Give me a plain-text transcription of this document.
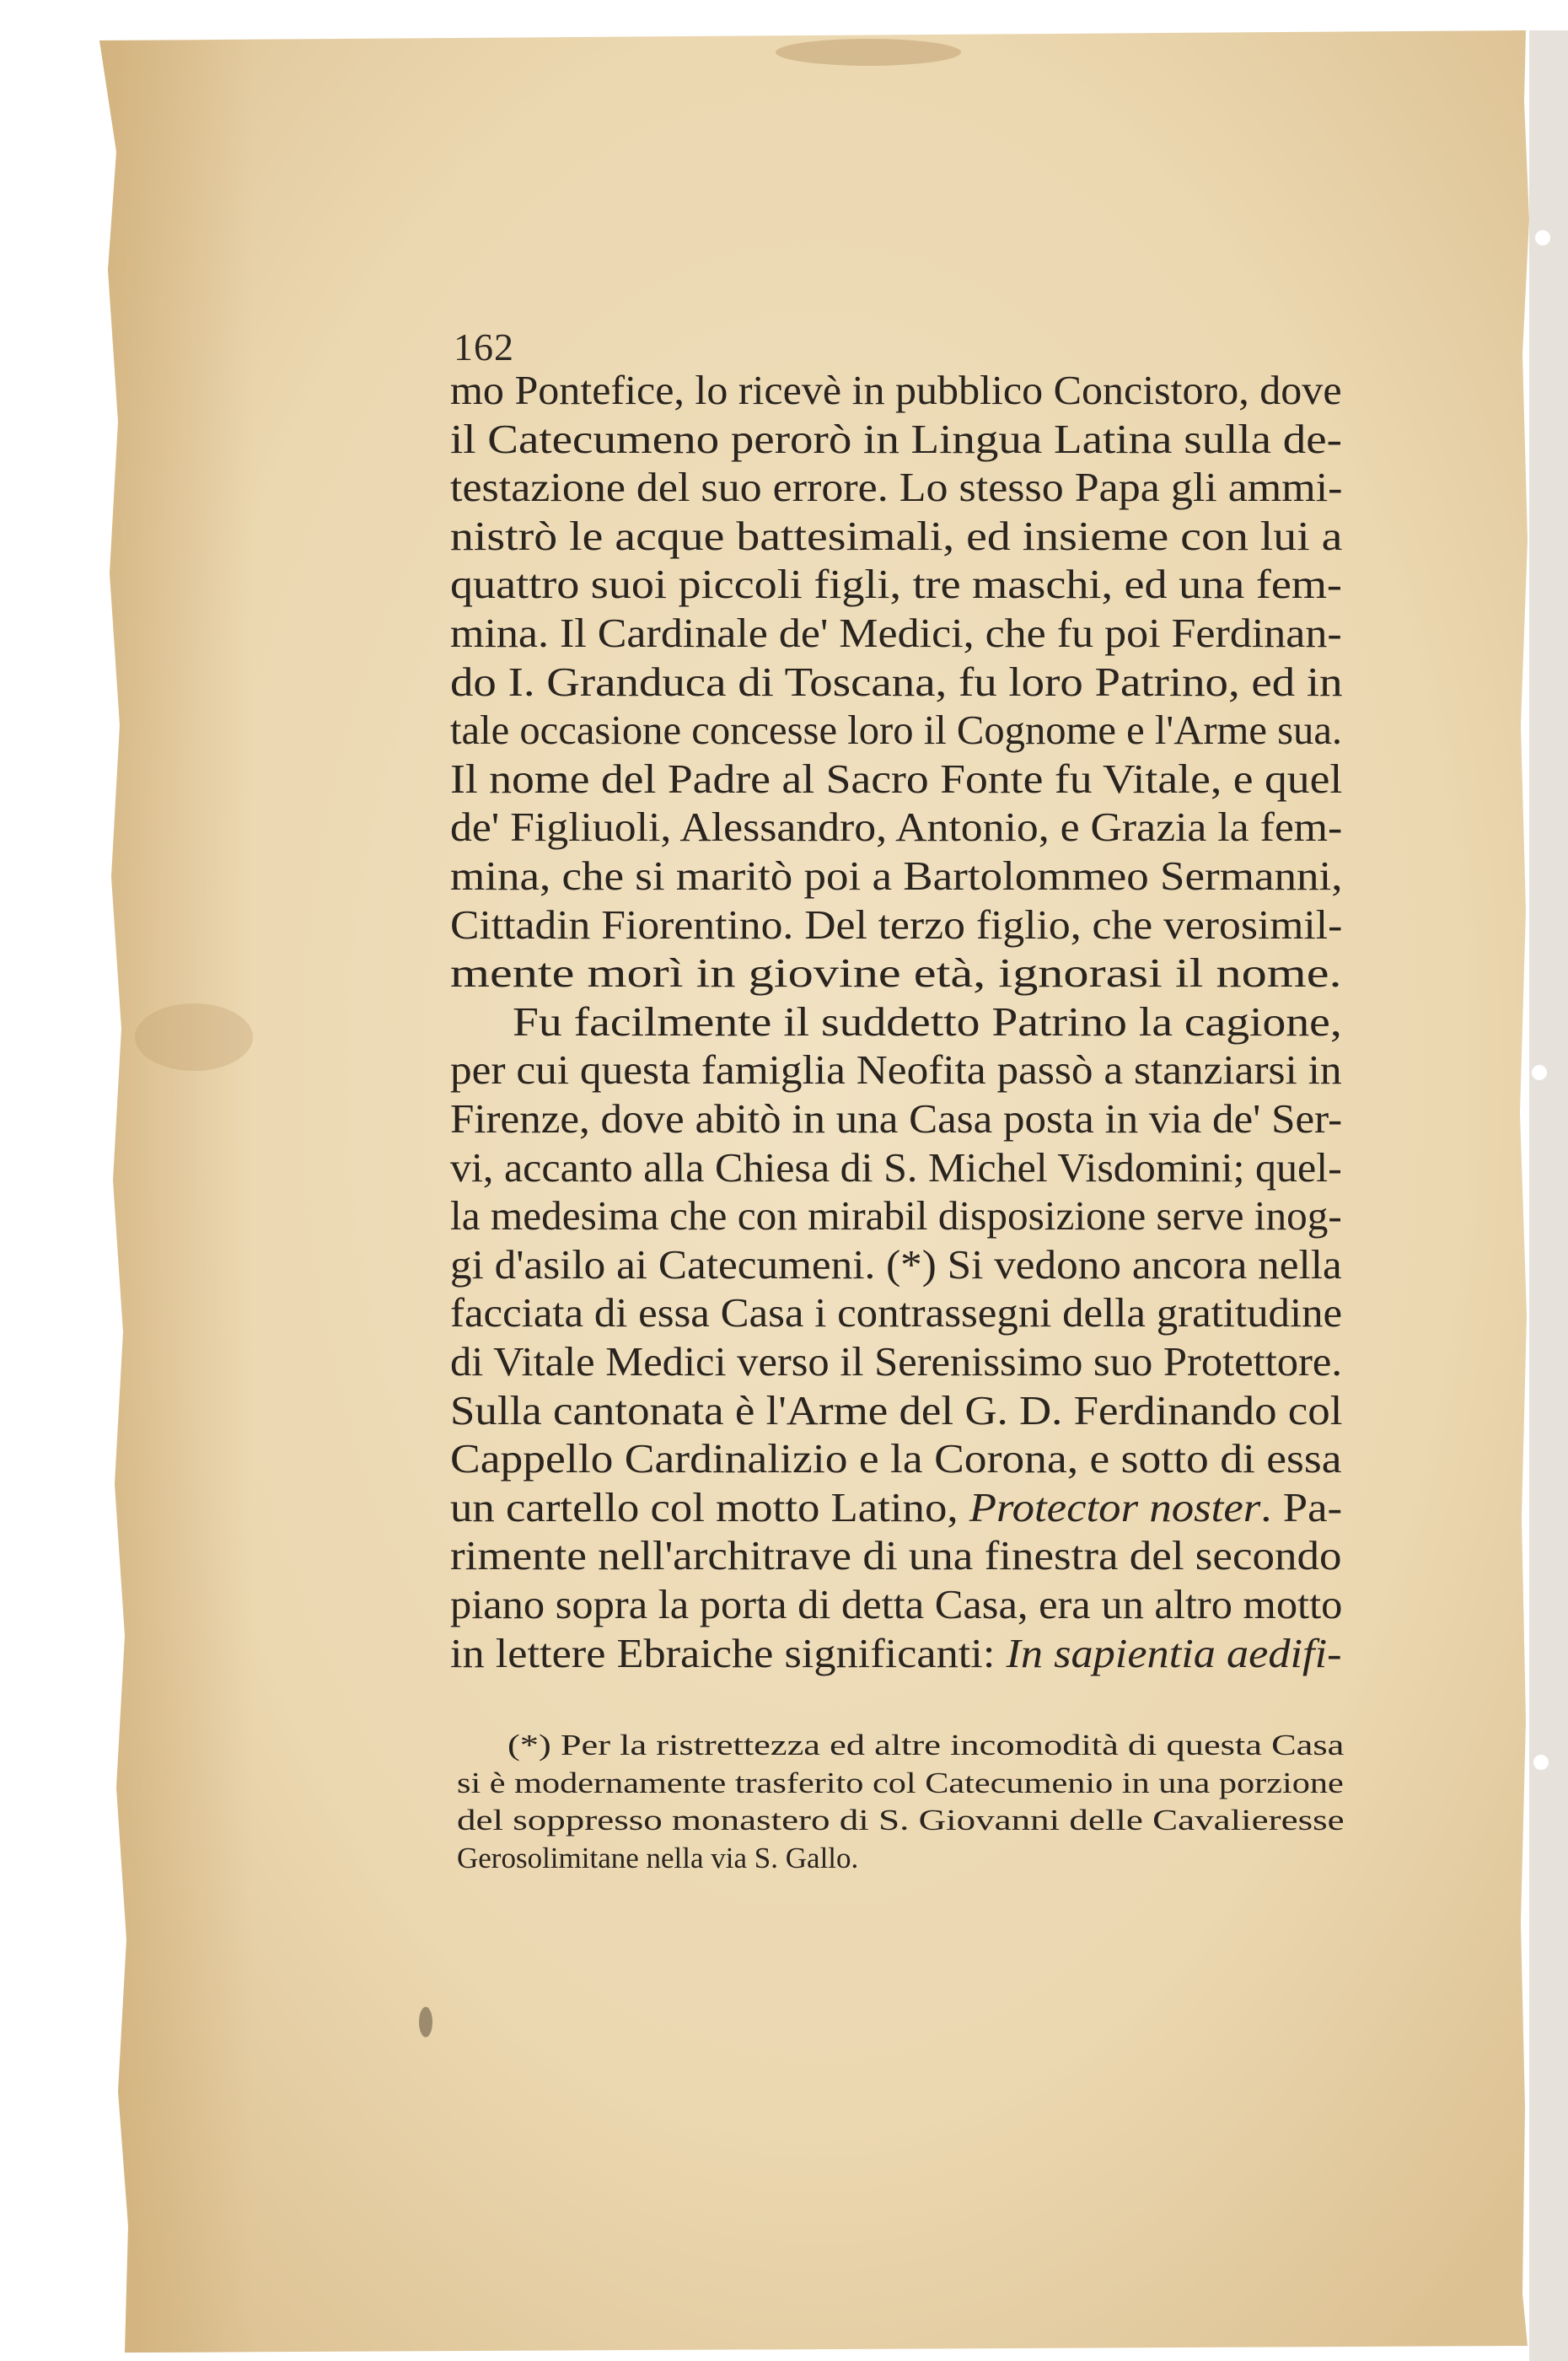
162
mo Pontefice, lo ricevè in pubblico Concistoro, dove
il Catecumeno perorò in Lingua Latina sulla de-
testazione del suo errore. Lo stesso Papa gli ammi-
nistrò le acque battesimali, ed insieme con lui a
quattro suoi piccoli figli, tre maschi, ed una fem-
mina. Il Cardinale de' Medici, che fu poi Ferdinan-
do I. Granduca di Toscana, fu loro Patrino, ed in
tale occasione concesse loro il Cognome e l'Arme sua.
Il nome del Padre al Sacro Fonte fu Vitale, e quel
de' Figliuoli, Alessandro, Antonio, e Grazia la fem-
mina, che si maritò poi a Bartolommeo Sermanni,
Cittadin Fiorentino. Del terzo figlio, che verosimil-
mente morì in giovine età, ignorasi il nome.
Fu facilmente il suddetto Patrino la cagione,
per cui questa famiglia Neofita passò a stanziarsi in
Firenze, dove abitò in una Casa posta in via de' Ser-
vi, accanto alla Chiesa di S. Michel Visdomini; quel-
la medesima che con mirabil disposizione serve inog-
gi d'asilo ai Catecumeni. (*) Si vedono ancora nella
facciata di essa Casa i contrassegni della gratitudine
di Vitale Medici verso il Serenissimo suo Protettore.
Sulla cantonata è l'Arme del G. D. Ferdinando col
Cappello Cardinalizio e la Corona, e sotto di essa
un cartello col motto Latino, Protector noster. Pa-
rimente nell'architrave di una finestra del secondo
piano sopra la porta di detta Casa, era un altro motto
in lettere Ebraiche significanti: In sapientia aedifi-
(*) Per la ristrettezza ed altre incomodità di questa Casa
si è modernamente trasferito col Catecumenio in una porzione
del soppresso monastero di S. Giovanni delle Cavalieresse
Gerosolimitane nella via S. Gallo.
